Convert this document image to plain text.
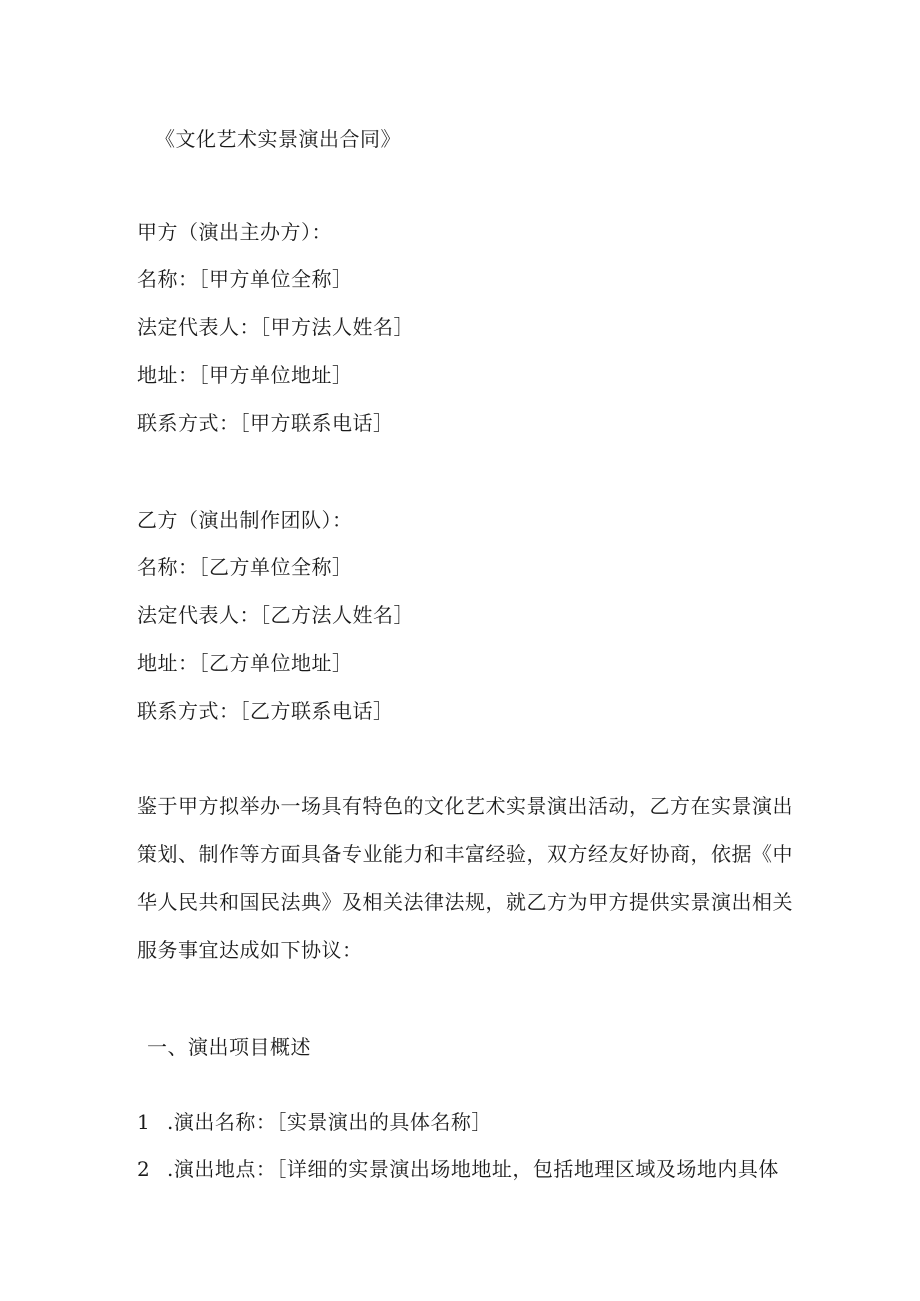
《文化艺术实景演出合同》
甲方（演出主办方）：
名称：［甲方单位全称］
法定代表人：［甲方法人姓名］
地址：［甲方单位地址］
联系方式：［甲方联系电话］
乙方（演出制作团队）：
名称：［乙方单位全称］
法定代表人：［乙方法人姓名］
地址：［乙方单位地址］
联系方式：［乙方联系电话］
鉴于甲方拟举办一场具有特色的文化艺术实景演出活动，乙方在实景演出
策划、制作等方面具备专业能力和丰富经验，双方经友好协商，依据《中
华人民共和国民法典》及相关法律法规，就乙方为甲方提供实景演出相关
服务事宜达成如下协议：
一、演出项目概述
1 .演出名称：［实景演出的具体名称］
2 .演出地点：［详细的实景演出场地地址，包括地理区域及场地内具体
